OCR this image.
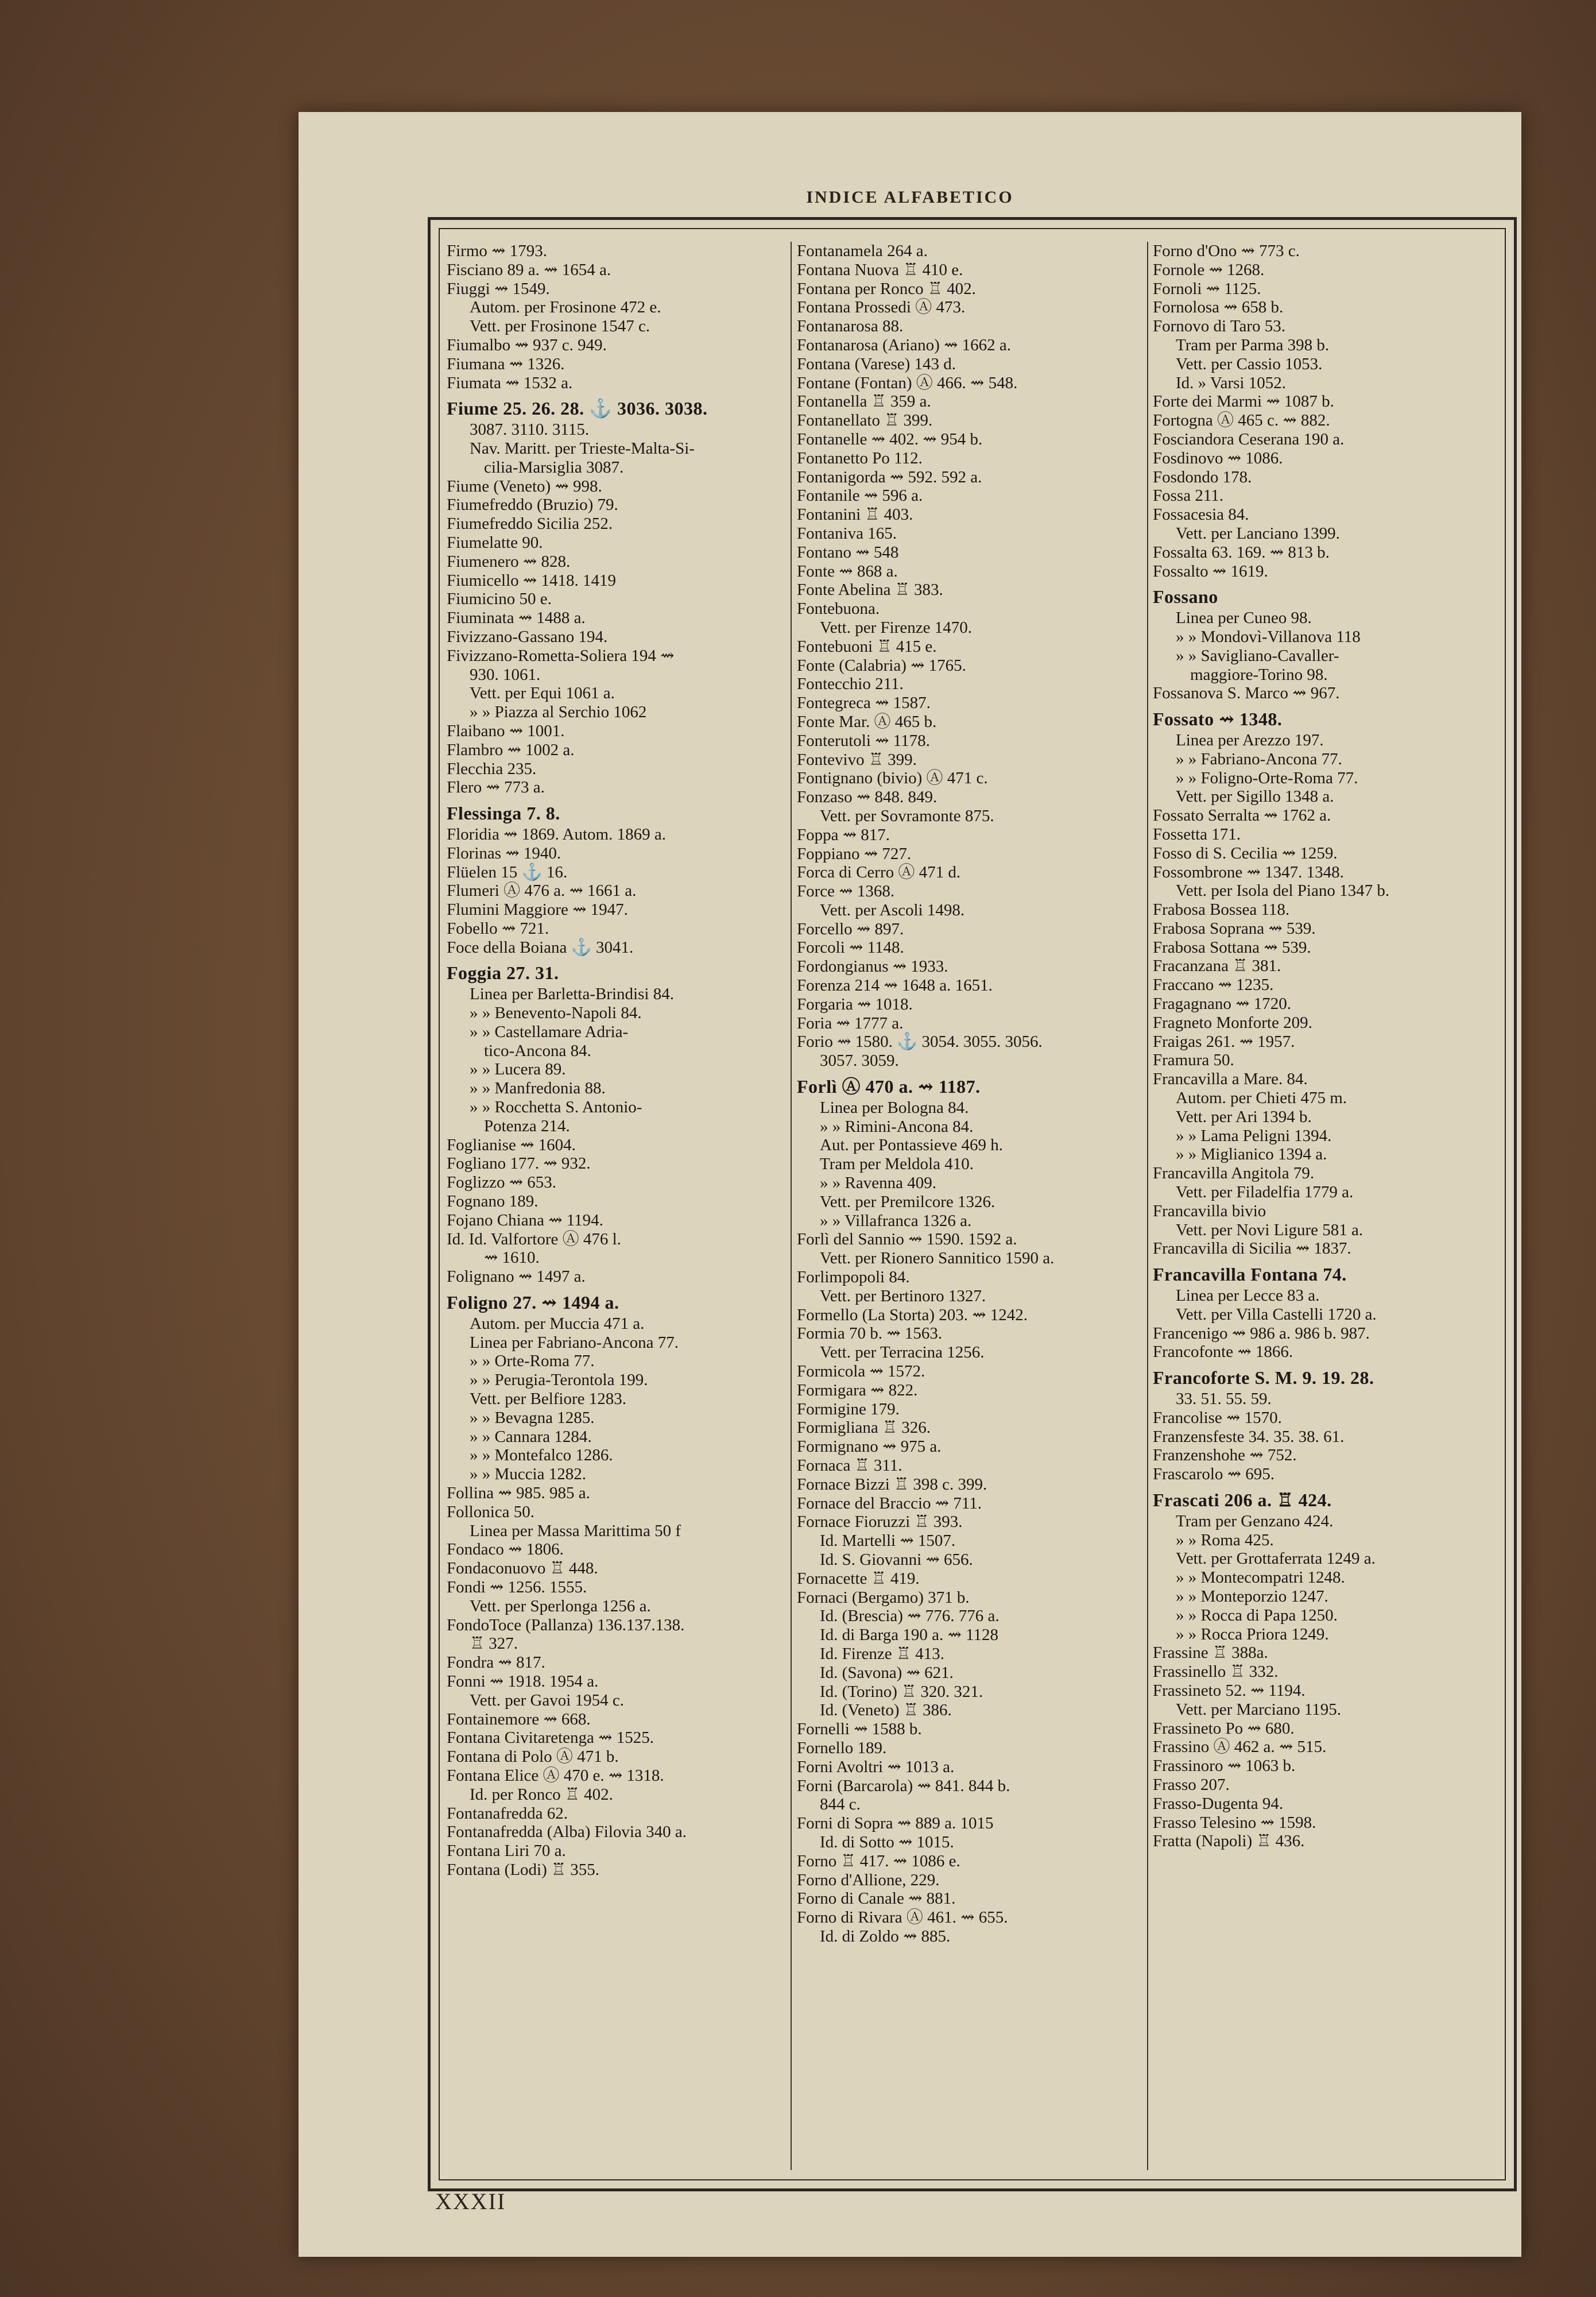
INDICE ALFABETICO
Firmo ⇝ 1793.
Fisciano 89 a. ⇝ 1654 a.
Fiuggi ⇝ 1549.
Autom. per Frosinone 472 e.
Vett. per Frosinone 1547 c.
Fiumalbo ⇝ 937 c. 949.
Fiumana ⇝ 1326.
Fiumata ⇝ 1532 a.
Fiume 25. 26. 28. ⚓ 3036. 3038.
3087. 3110. 3115.
Nav. Maritt. per Trieste-Malta-Si-
cilia-Marsiglia 3087.
Fiume (Veneto) ⇝ 998.
Fiumefreddo (Bruzio) 79.
Fiumefreddo Sicilia 252.
Fiumelatte 90.
Fiumenero ⇝ 828.
Fiumicello ⇝ 1418. 1419
Fiumicino 50 e.
Fiuminata ⇝ 1488 a.
Fivizzano-Gassano 194.
Fivizzano-Rometta-Soliera 194 ⇝
930. 1061.
Vett. per Equi 1061 a.
» » Piazza al Serchio 1062
Flaibano ⇝ 1001.
Flambro ⇝ 1002 a.
Flecchia 235.
Flero ⇝ 773 a.
Flessinga 7. 8.
Floridia ⇝ 1869. Autom. 1869 a.
Florinas ⇝ 1940.
Flüelen 15 ⚓ 16.
Flumeri Ⓐ 476 a. ⇝ 1661 a.
Flumini Maggiore ⇝ 1947.
Fobello ⇝ 721.
Foce della Boiana ⚓ 3041.
Foggia 27. 31.
Linea per Barletta-Brindisi 84.
» » Benevento-Napoli 84.
» » Castellamare Adria-
tico-Ancona 84.
» » Lucera 89.
» » Manfredonia 88.
» » Rocchetta S. Antonio-
Potenza 214.
Foglianise ⇝ 1604.
Fogliano 177. ⇝ 932.
Foglizzo ⇝ 653.
Fognano 189.
Fojano Chiana ⇝ 1194.
Id. Id. Valfortore Ⓐ 476 l.
⇝ 1610.
Folignano ⇝ 1497 a.
Foligno 27. ⇝ 1494 a.
Autom. per Muccia 471 a.
Linea per Fabriano-Ancona 77.
» » Orte-Roma 77.
» » Perugia-Terontola 199.
Vett. per Belfiore 1283.
» » Bevagna 1285.
» » Cannara 1284.
» » Montefalco 1286.
» » Muccia 1282.
Follina ⇝ 985. 985 a.
Follonica 50.
Linea per Massa Marittima 50 f
Fondaco ⇝ 1806.
Fondaconuovo ♖ 448.
Fondi ⇝ 1256. 1555.
Vett. per Sperlonga 1256 a.
FondoToce (Pallanza) 136.137.138.
♖ 327.
Fondra ⇝ 817.
Fonni ⇝ 1918. 1954 a.
Vett. per Gavoi 1954 c.
Fontainemore ⇝ 668.
Fontana Civitaretenga ⇝ 1525.
Fontana di Polo Ⓐ 471 b.
Fontana Elice Ⓐ 470 e. ⇝ 1318.
Id. per Ronco ♖ 402.
Fontanafredda 62.
Fontanafredda (Alba) Filovia 340 a.
Fontana Liri 70 a.
Fontana (Lodi) ♖ 355.
Fontanamela 264 a.
Fontana Nuova ♖ 410 e.
Fontana per Ronco ♖ 402.
Fontana Prossedi Ⓐ 473.
Fontanarosa 88.
Fontanarosa (Ariano) ⇝ 1662 a.
Fontana (Varese) 143 d.
Fontane (Fontan) Ⓐ 466. ⇝ 548.
Fontanella ♖ 359 a.
Fontanellato ♖ 399.
Fontanelle ⇝ 402. ⇝ 954 b.
Fontanetto Po 112.
Fontanigorda ⇝ 592. 592 a.
Fontanile ⇝ 596 a.
Fontanini ♖ 403.
Fontaniva 165.
Fontano ⇝ 548
Fonte ⇝ 868 a.
Fonte Abelina ♖ 383.
Fontebuona.
Vett. per Firenze 1470.
Fontebuoni ♖ 415 e.
Fonte (Calabria) ⇝ 1765.
Fontecchio 211.
Fontegreca ⇝ 1587.
Fonte Mar. Ⓐ 465 b.
Fonterutoli ⇝ 1178.
Fontevivo ♖ 399.
Fontignano (bivio) Ⓐ 471 c.
Fonzaso ⇝ 848. 849.
Vett. per Sovramonte 875.
Foppa ⇝ 817.
Foppiano ⇝ 727.
Forca di Cerro Ⓐ 471 d.
Force ⇝ 1368.
Vett. per Ascoli 1498.
Forcello ⇝ 897.
Forcoli ⇝ 1148.
Fordongianus ⇝ 1933.
Forenza 214 ⇝ 1648 a. 1651.
Forgaria ⇝ 1018.
Foria ⇝ 1777 a.
Forio ⇝ 1580. ⚓ 3054. 3055. 3056.
3057. 3059.
Forlì Ⓐ 470 a. ⇝ 1187.
Linea per Bologna 84.
» » Rimini-Ancona 84.
Aut. per Pontassieve 469 h.
Tram per Meldola 410.
» » Ravenna 409.
Vett. per Premilcore 1326.
» » Villafranca 1326 a.
Forlì del Sannio ⇝ 1590. 1592 a.
Vett. per Rionero Sannitico 1590 a.
Forlimpopoli 84.
Vett. per Bertinoro 1327.
Formello (La Storta) 203. ⇝ 1242.
Formia 70 b. ⇝ 1563.
Vett. per Terracina 1256.
Formicola ⇝ 1572.
Formigara ⇝ 822.
Formigine 179.
Formigliana ♖ 326.
Formignano ⇝ 975 a.
Fornaca ♖ 311.
Fornace Bizzi ♖ 398 c. 399.
Fornace del Braccio ⇝ 711.
Fornace Fioruzzi ♖ 393.
Id. Martelli ⇝ 1507.
Id. S. Giovanni ⇝ 656.
Fornacette ♖ 419.
Fornaci (Bergamo) 371 b.
Id. (Brescia) ⇝ 776. 776 a.
Id. di Barga 190 a. ⇝ 1128
Id. Firenze ♖ 413.
Id. (Savona) ⇝ 621.
Id. (Torino) ♖ 320. 321.
Id. (Veneto) ♖ 386.
Fornelli ⇝ 1588 b.
Fornello 189.
Forni Avoltri ⇝ 1013 a.
Forni (Barcarola) ⇝ 841. 844 b.
844 c.
Forni di Sopra ⇝ 889 a. 1015
Id. di Sotto ⇝ 1015.
Forno ♖ 417. ⇝ 1086 e.
Forno d'Allione, 229.
Forno di Canale ⇝ 881.
Forno di Rivara Ⓐ 461. ⇝ 655.
Id. di Zoldo ⇝ 885.
Forno d'Ono ⇝ 773 c.
Fornole ⇝ 1268.
Fornoli ⇝ 1125.
Fornolosa ⇝ 658 b.
Fornovo di Taro 53.
Tram per Parma 398 b.
Vett. per Cassio 1053.
Id. » Varsi 1052.
Forte dei Marmi ⇝ 1087 b.
Fortogna Ⓐ 465 c. ⇝ 882.
Fosciandora Ceserana 190 a.
Fosdinovo ⇝ 1086.
Fosdondo 178.
Fossa 211.
Fossacesia 84.
Vett. per Lanciano 1399.
Fossalta 63. 169. ⇝ 813 b.
Fossalto ⇝ 1619.
Fossano
Linea per Cuneo 98.
» » Mondovì-Villanova 118
» » Savigliano-Cavaller-
maggiore-Torino 98.
Fossanova S. Marco ⇝ 967.
Fossato ⇝ 1348.
Linea per Arezzo 197.
» » Fabriano-Ancona 77.
» » Foligno-Orte-Roma 77.
Vett. per Sigillo 1348 a.
Fossato Serralta ⇝ 1762 a.
Fossetta 171.
Fosso di S. Cecilia ⇝ 1259.
Fossombrone ⇝ 1347. 1348.
Vett. per Isola del Piano 1347 b.
Frabosa Bossea 118.
Frabosa Soprana ⇝ 539.
Frabosa Sottana ⇝ 539.
Fracanzana ♖ 381.
Fraccano ⇝ 1235.
Fragagnano ⇝ 1720.
Fragneto Monforte 209.
Fraigas 261. ⇝ 1957.
Framura 50.
Francavilla a Mare. 84.
Autom. per Chieti 475 m.
Vett. per Ari 1394 b.
» » Lama Peligni 1394.
» » Miglianico 1394 a.
Francavilla Angitola 79.
Vett. per Filadelfia 1779 a.
Francavilla bivio
Vett. per Novi Ligure 581 a.
Francavilla di Sicilia ⇝ 1837.
Francavilla Fontana 74.
Linea per Lecce 83 a.
Vett. per Villa Castelli 1720 a.
Francenigo ⇝ 986 a. 986 b. 987.
Francofonte ⇝ 1866.
Francoforte S. M. 9. 19. 28.
33. 51. 55. 59.
Francolise ⇝ 1570.
Franzensfeste 34. 35. 38. 61.
Franzenshohe ⇝ 752.
Frascarolo ⇝ 695.
Frascati 206 a. ♖ 424.
Tram per Genzano 424.
» » Roma 425.
Vett. per Grottaferrata 1249 a.
» » Montecompatri 1248.
» » Monteporzio 1247.
» » Rocca di Papa 1250.
» » Rocca Priora 1249.
Frassine ♖ 388a.
Frassinello ♖ 332.
Frassineto 52. ⇝ 1194.
Vett. per Marciano 1195.
Frassineto Po ⇝ 680.
Frassino Ⓐ 462 a. ⇝ 515.
Frassinoro ⇝ 1063 b.
Frasso 207.
Frasso-Dugenta 94.
Frasso Telesino ⇝ 1598.
Fratta (Napoli) ♖ 436.
XXXII
